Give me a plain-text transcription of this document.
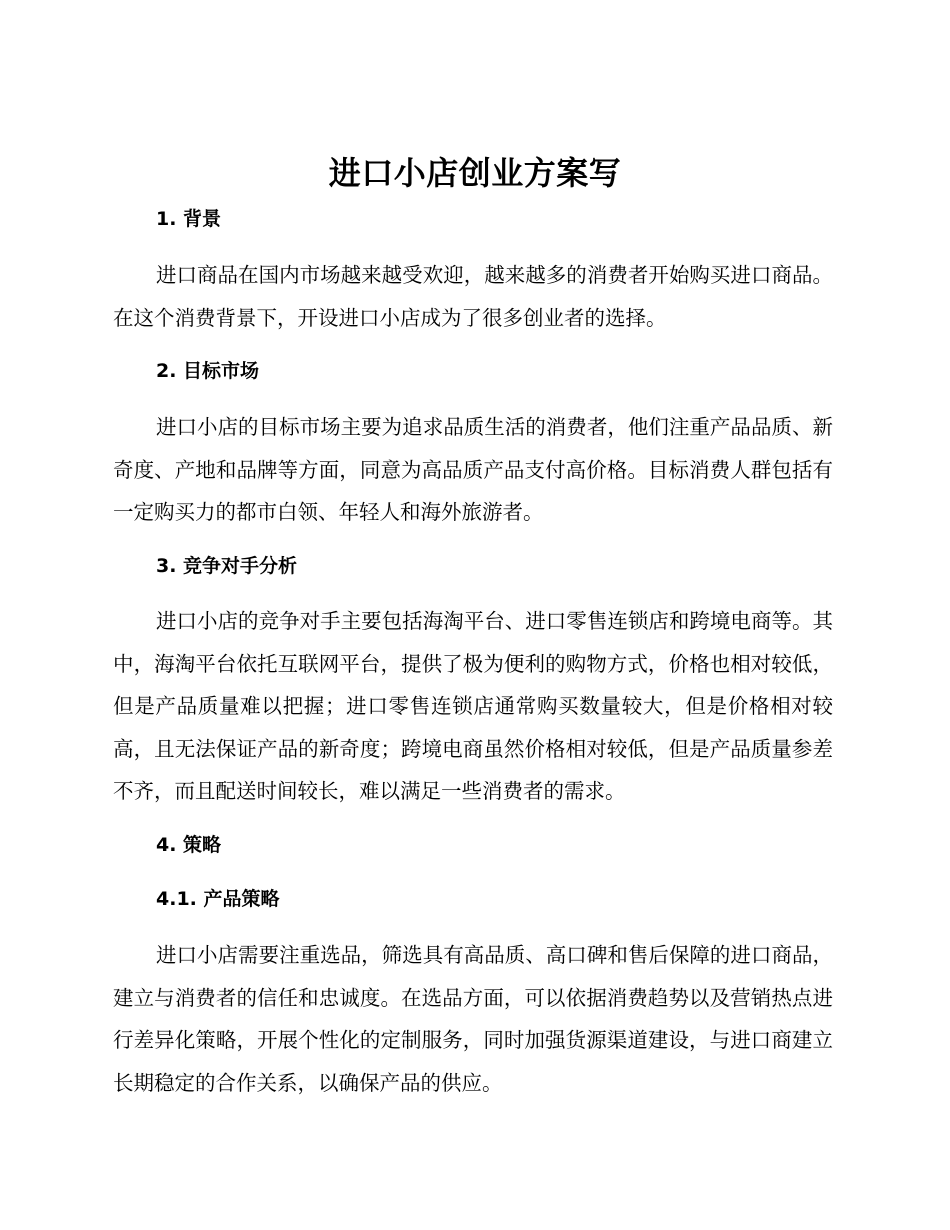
进口小店创业方案写
1. 背景

进口商品在国内市场越来越受欢迎，越来越多的消费者开始购买进口商品。在这个消费背景下，开设进口小店成为了很多创业者的选择。

2. 目标市场

进口小店的目标市场主要为追求品质生活的消费者，他们注重产品品质、新奇度、产地和品牌等方面，同意为高品质产品支付高价格。目标消费人群包括有一定购买力的都市白领、年轻人和海外旅游者。

3. 竞争对手分析

进口小店的竞争对手主要包括海淘平台、进口零售连锁店和跨境电商等。其中，海淘平台依托互联网平台，提供了极为便利的购物方式，价格也相对较低，但是产品质量难以把握；进口零售连锁店通常购买数量较大，但是价格相对较高，且无法保证产品的新奇度；跨境电商虽然价格相对较低，但是产品质量参差不齐，而且配送时间较长，难以满足一些消费者的需求。

4. 策略
4.1. 产品策略

进口小店需要注重选品，筛选具有高品质、高口碑和售后保障的进口商品，建立与消费者的信任和忠诚度。在选品方面，可以依据消费趋势以及营销热点进行差异化策略，开展个性化的定制服务，同时加强货源渠道建设，与进口商建立长期稳定的合作关系，以确保产品的供应。
